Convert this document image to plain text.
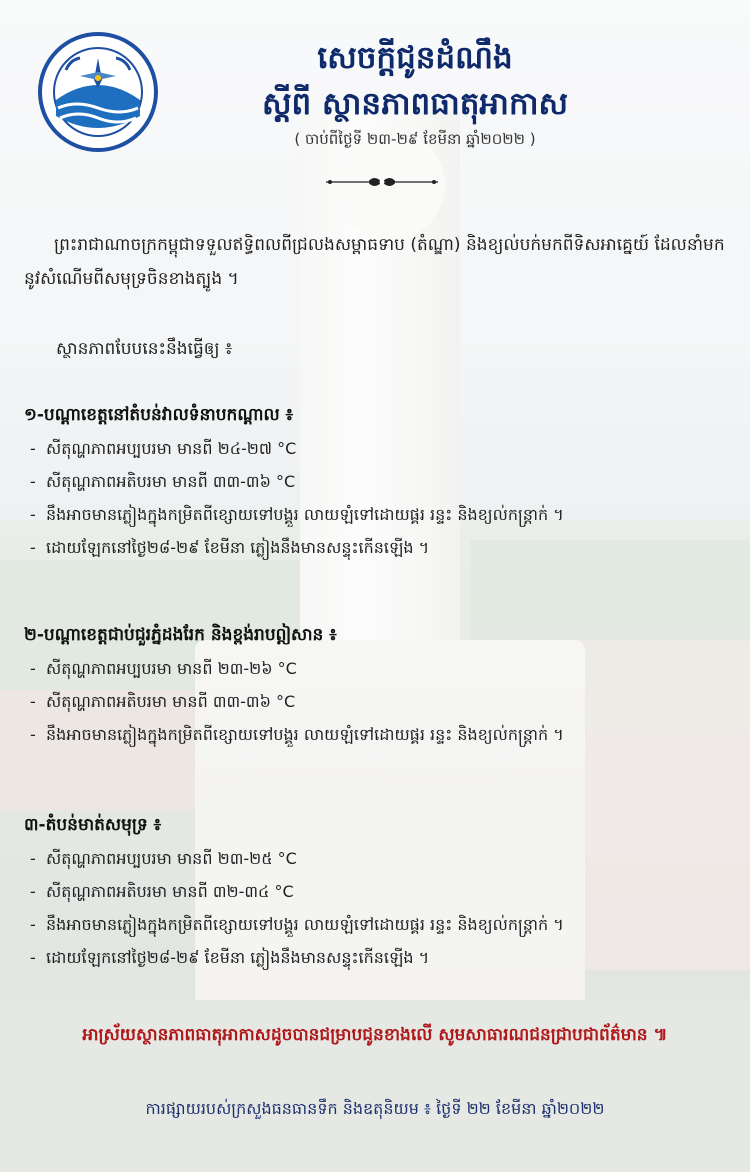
សេចក្តីជូនដំណឹង
ស្តីពី ស្ថានភាពធាតុអាកាស

( ចាប់ពីថ្ងៃទី ២៣-២៩ ខែមីនា ឆ្នាំ២០២២ )

ព្រះរាជាណាចក្រកម្ពុជាទទួលឥទ្ធិពលពីជ្រលងសម្ពាធទាប (តំណ្ឌា) និងខ្យល់បក់មកពីទិសអាគ្នេយ៍ ដែលនាំមកនូវសំណើមពីសមុទ្រចិនខាងត្បូង ។

ស្ថានភាពបែបនេះនឹងធ្វើឲ្យ ៖

១-បណ្តាខេត្តនៅតំបន់វាលទំនាបកណ្តាល ៖
- សីតុណ្ហភាពអប្បបរមា មានពី ២៤-២៧ °C
- សីតុណ្ហភាពអតិបរមា មានពី ៣៣-៣៦ °C
- នឹងអាចមានភ្លៀងក្នុងកម្រិតពីខ្សោយទៅបង្គួរ លាយឡំទៅដោយផ្គរ រន្ទះ និងខ្យល់កន្ត្រាក់ ។
- ដោយឡែកនៅថ្ងៃ២៨-២៩ ខែមីនា ភ្លៀងនឹងមានសន្ទុះកើនឡើង ។
២-បណ្តាខេត្តជាប់ជួរភ្នំដងរែក និងខ្ពង់រាបឦសាន ៖
- សីតុណ្ហភាពអប្បបរមា មានពី ២៣-២៦ °C
- សីតុណ្ហភាពអតិបរមា មានពី ៣៣-៣៦ °C
- នឹងអាចមានភ្លៀងក្នុងកម្រិតពីខ្សោយទៅបង្គួរ លាយឡំទៅដោយផ្គរ រន្ទះ និងខ្យល់កន្ត្រាក់ ។
៣-តំបន់មាត់សមុទ្រ ៖
- សីតុណ្ហភាពអប្បបរមា មានពី ២៣-២៥ °C
- សីតុណ្ហភាពអតិបរមា មានពី ៣២-៣៤ °C
- នឹងអាចមានភ្លៀងក្នុងកម្រិតពីខ្សោយទៅបង្គួរ លាយឡំទៅដោយផ្គរ រន្ទះ និងខ្យល់កន្ត្រាក់ ។
- ដោយឡែកនៅថ្ងៃ២៨-២៩ ខែមីនា ភ្លៀងនឹងមានសន្ទុះកើនឡើង ។

អាស្រ័យស្ថានភាពធាតុអាកាសដូចបានជម្រាបជូនខាងលើ សូមសាធារណជនជ្រាបជាព័ត៌មាន ៕

ការផ្សាយរបស់ក្រសួងធនធានទឹក និងឧតុនិយម ៖ ថ្ងៃទី ២២ ខែមីនា ឆ្នាំ២០២២
